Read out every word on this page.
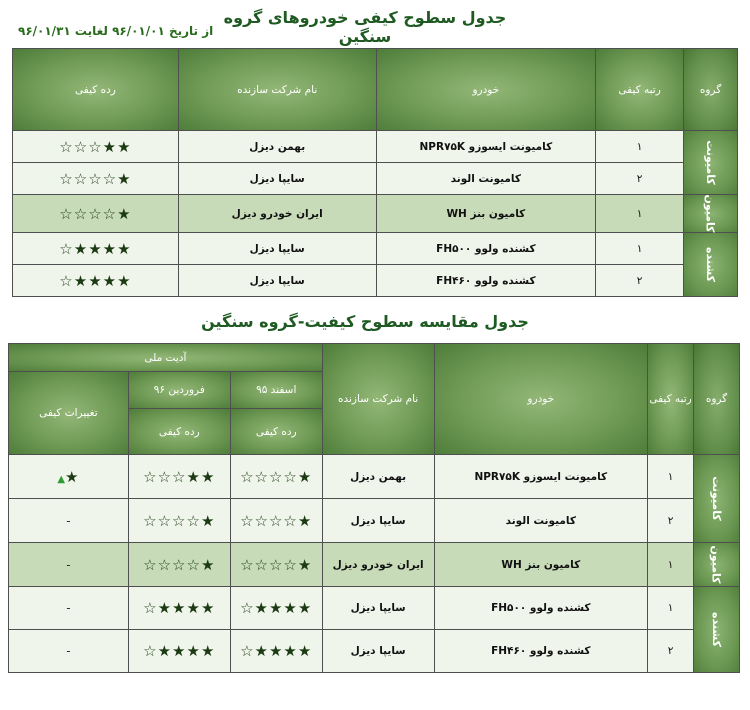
جدول سطوح کیفی خودروهای گروه سنگین
از تاریخ ۹۶/۰۱/۰۱ لغایت ۹۶/۰۱/۳۱
گروه	رتبه کیفی	خودرو	نام شرکت سازنده	رده کیفی
کامیونت	۱	کامیونت ایسوزو NPR۷۵K	بهمن دیزل	★★☆☆☆
	۲	کامیونت الوند	سایپا دیزل	★☆☆☆☆
کامیون	۱	کامیون بنز WH	ایران خودرو دیزل	★☆☆☆☆
کشنده	۱	کشنده ولوو FH۵۰۰	سایپا دیزل	★★★★☆
	۲	کشنده ولوو FH۴۶۰	سایپا دیزل	★★★★☆
جدول مقایسه سطوح کیفیت-گروه سنگین
گروه	رتبه کیفی	خودرو	نام شرکت سازنده	آدیت ملی		
				اسفند ۹۵	فروردین ۹۶	تغییرات کیفی
				رده کیفی	رده کیفی	
کامیونت	۱	کامیونت ایسوزو NPR۷۵K	بهمن دیزل	★☆☆☆☆	★★☆☆☆	▲★
	۲	کامیونت الوند	سایپا دیزل	★☆☆☆☆	★☆☆☆☆	-
کامیون	۱	کامیون بنز WH	ایران خودرو دیزل	★☆☆☆☆	★☆☆☆☆	-
کشنده	۱	کشنده ولوو FH۵۰۰	سایپا دیزل	★★★★☆	★★★★☆	-
	۲	کشنده ولوو FH۴۶۰	سایپا دیزل	★★★★☆	★★★★☆	-
